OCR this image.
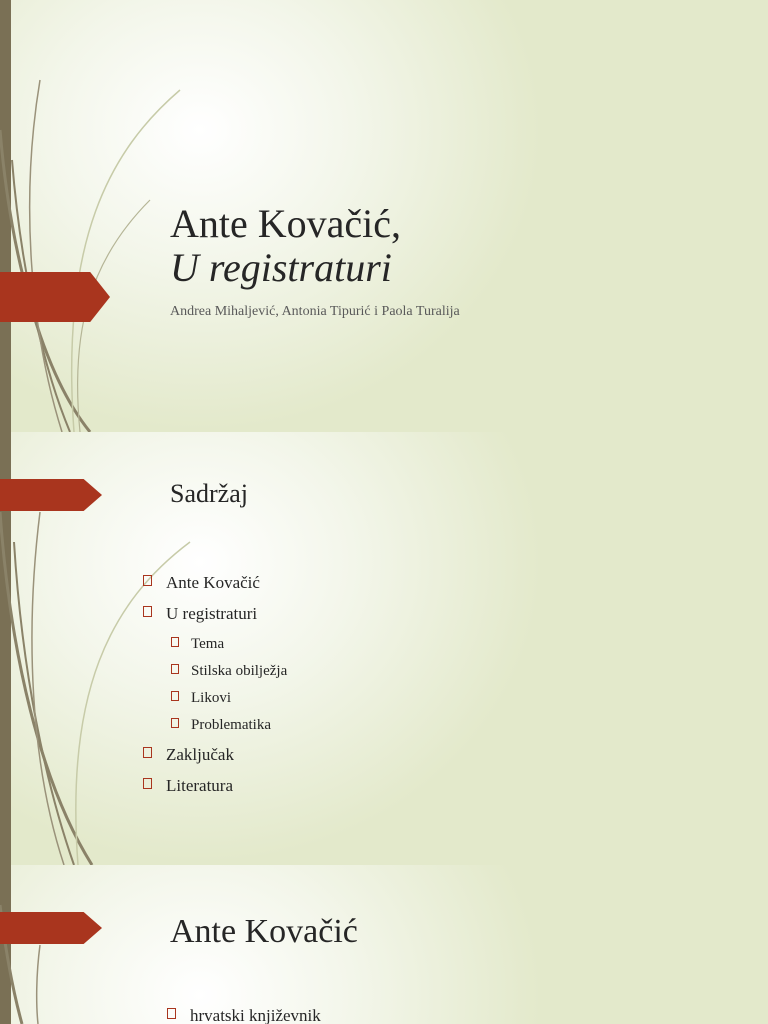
Ante Kovačić,
U registraturi
Andrea Mihaljević, Antonia Tipurić i Paola Turalija
Sadržaj
Ante Kovačić
U registraturi
Tema
Stilska obilježja
Likovi
Problematika
Zaključak
Literatura
Ante Kovačić
hrvatski književnik
